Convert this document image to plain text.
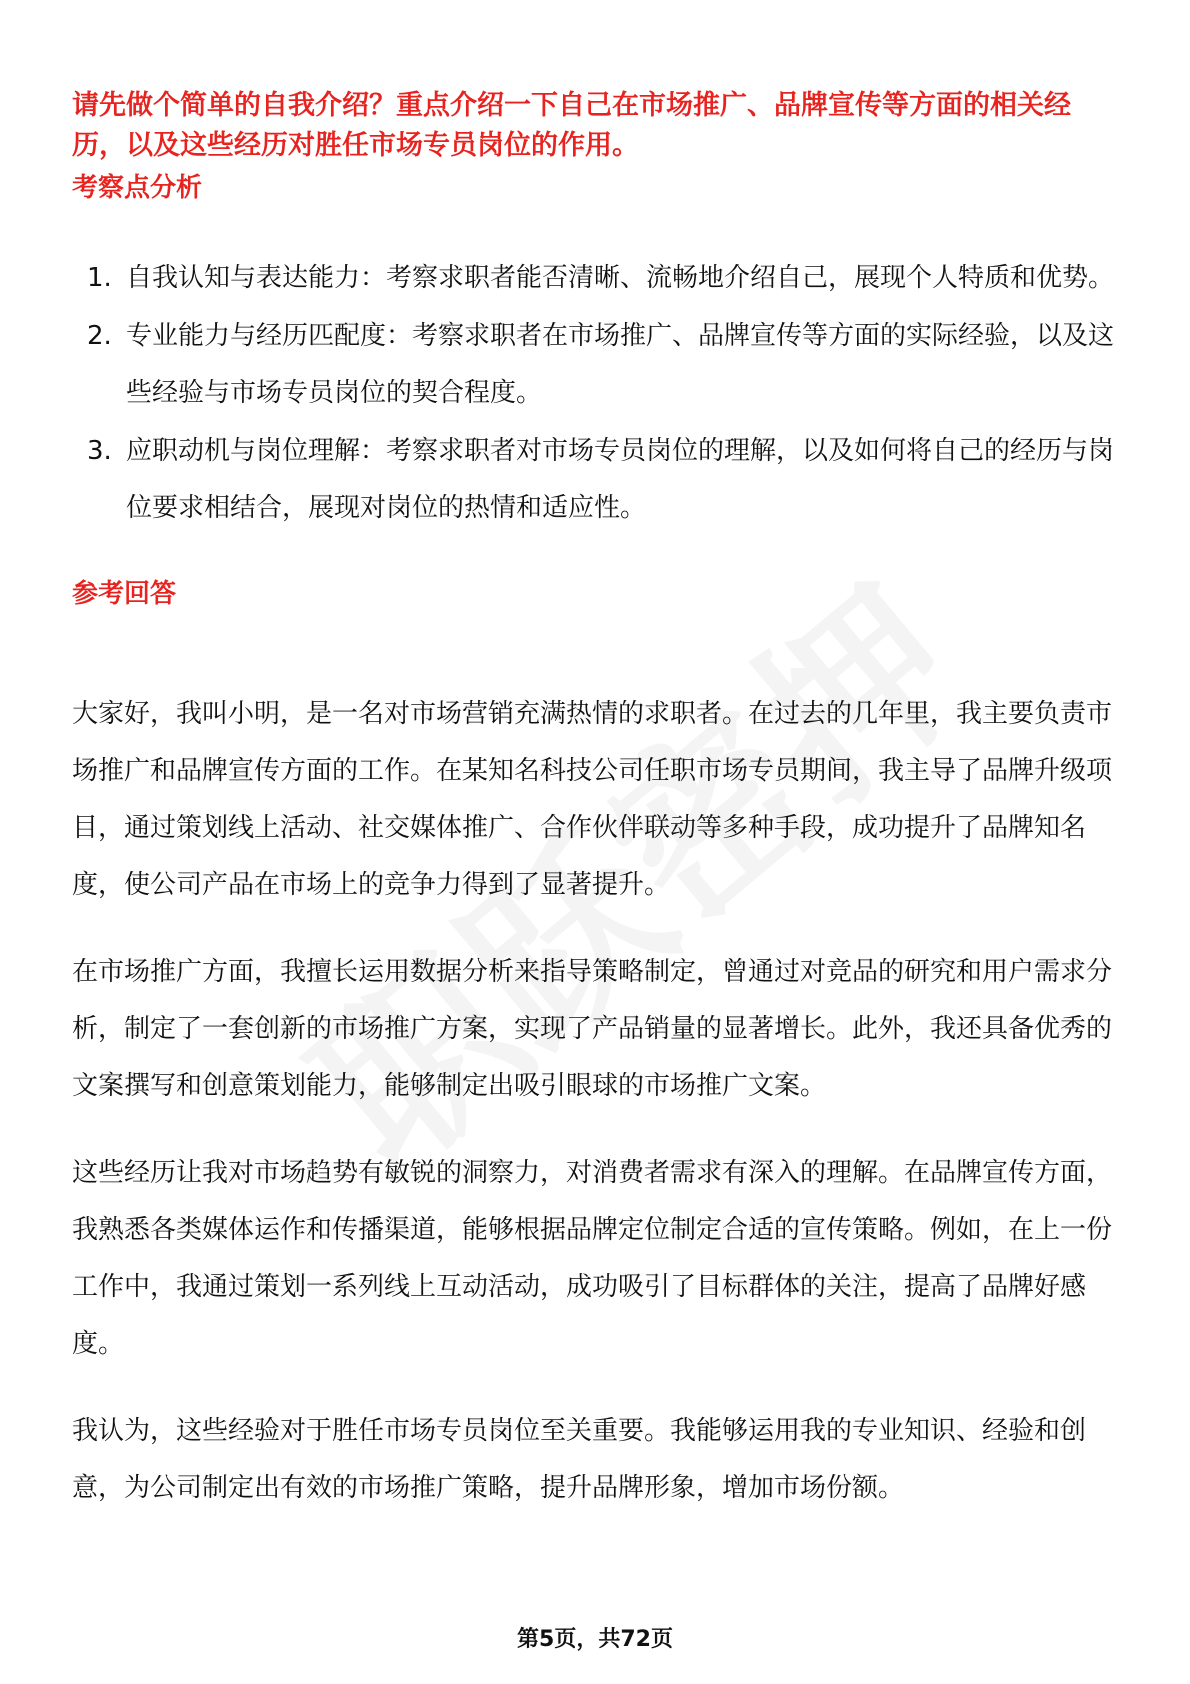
请先做个简单的自我介绍？重点介绍一下自己在市场推广、品牌宣传等方面的相关经历，以及这些经历对胜任市场专员岗位的作用。
考察点分析
1. 自我认知与表达能力：考察求职者能否清晰、流畅地介绍自己，展现个人特质和优势。
2. 专业能力与经历匹配度：考察求职者在市场推广、品牌宣传等方面的实际经验，以及这些经验与市场专员岗位的契合程度。
3. 应职动机与岗位理解：考察求职者对市场专员岗位的理解，以及如何将自己的经历与岗位要求相结合，展现对岗位的热情和适应性。
参考回答

大家好，我叫小明，是一名对市场营销充满热情的求职者。在过去的几年里，我主要负责市场推广和品牌宣传方面的工作。在某知名科技公司任职市场专员期间，我主导了品牌升级项目，通过策划线上活动、社交媒体推广、合作伙伴联动等多种手段，成功提升了品牌知名度，使公司产品在市场上的竞争力得到了显著提升。

在市场推广方面，我擅长运用数据分析来指导策略制定，曾通过对竞品的研究和用户需求分析，制定了一套创新的市场推广方案，实现了产品销量的显著增长。此外，我还具备优秀的文案撰写和创意策划能力，能够制定出吸引眼球的市场推广文案。

这些经历让我对市场趋势有敏锐的洞察力，对消费者需求有深入的理解。在品牌宣传方面，我熟悉各类媒体运作和传播渠道，能够根据品牌定位制定合适的宣传策略。例如，在上一份工作中，我通过策划一系列线上互动活动，成功吸引了目标群体的关注，提高了品牌好感度。

我认为，这些经验对于胜任市场专员岗位至关重要。我能够运用我的专业知识、经验和创意，为公司制定出有效的市场推广策略，提升品牌形象，增加市场份额。

第5页，共72页
